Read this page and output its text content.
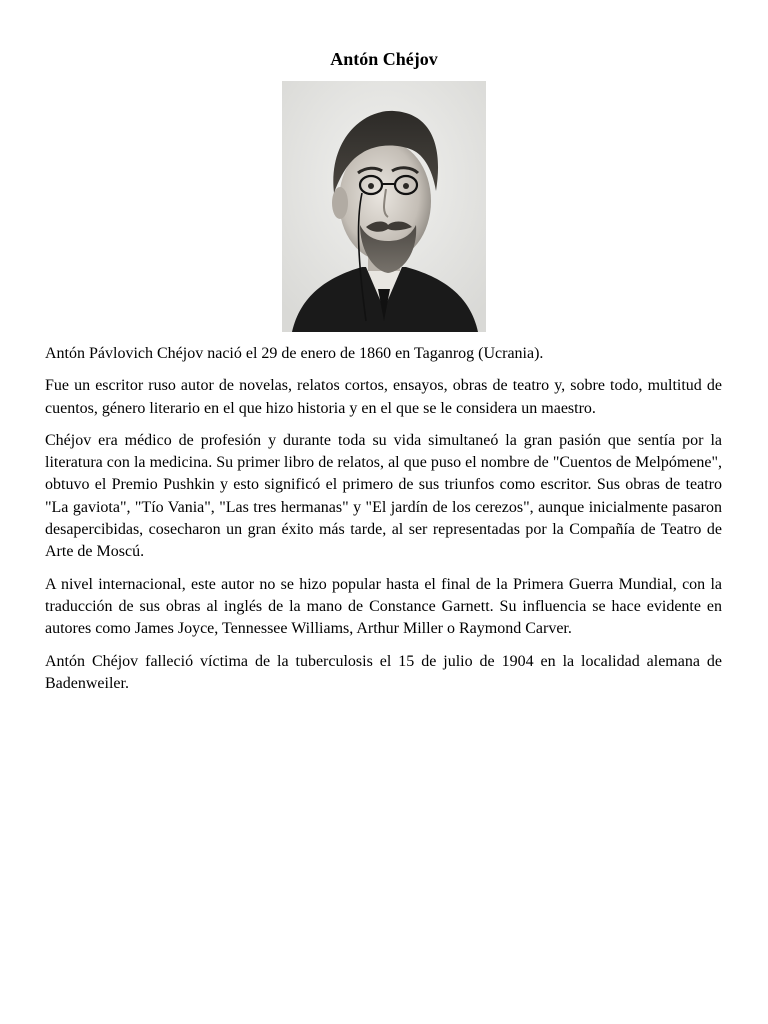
Antón Chéjov

Antón Pávlovich Chéjov nació el 29 de enero de 1860 en Taganrog (Ucrania).

Fue un escritor ruso autor de novelas, relatos cortos, ensayos, obras de teatro y, sobre todo, multitud de cuentos, género literario en el que hizo historia y en el que se le considera un maestro.

Chéjov era médico de profesión y durante toda su vida simultaneó la gran pasión que sentía por la literatura con la medicina. Su primer libro de relatos, al que puso el nombre de "Cuentos de Melpómene", obtuvo el Premio Pushkin y esto significó el primero de sus triunfos como escritor. Sus obras de teatro "La gaviota", "Tío Vania", "Las tres hermanas" y "El jardín de los cerezos", aunque inicialmente pasaron desapercibidas, cosecharon un gran éxito más tarde, al ser representadas por la Compañía de Teatro de Arte de Moscú.

A nivel internacional, este autor no se hizo popular hasta el final de la Primera Guerra Mundial, con la traducción de sus obras al inglés de la mano de Constance Garnett. Su influencia se hace evidente en autores como James Joyce, Tennessee Williams, Arthur Miller o Raymond Carver.

Antón Chéjov falleció víctima de la tuberculosis el 15 de julio de 1904 en la localidad alemana de Badenweiler.
